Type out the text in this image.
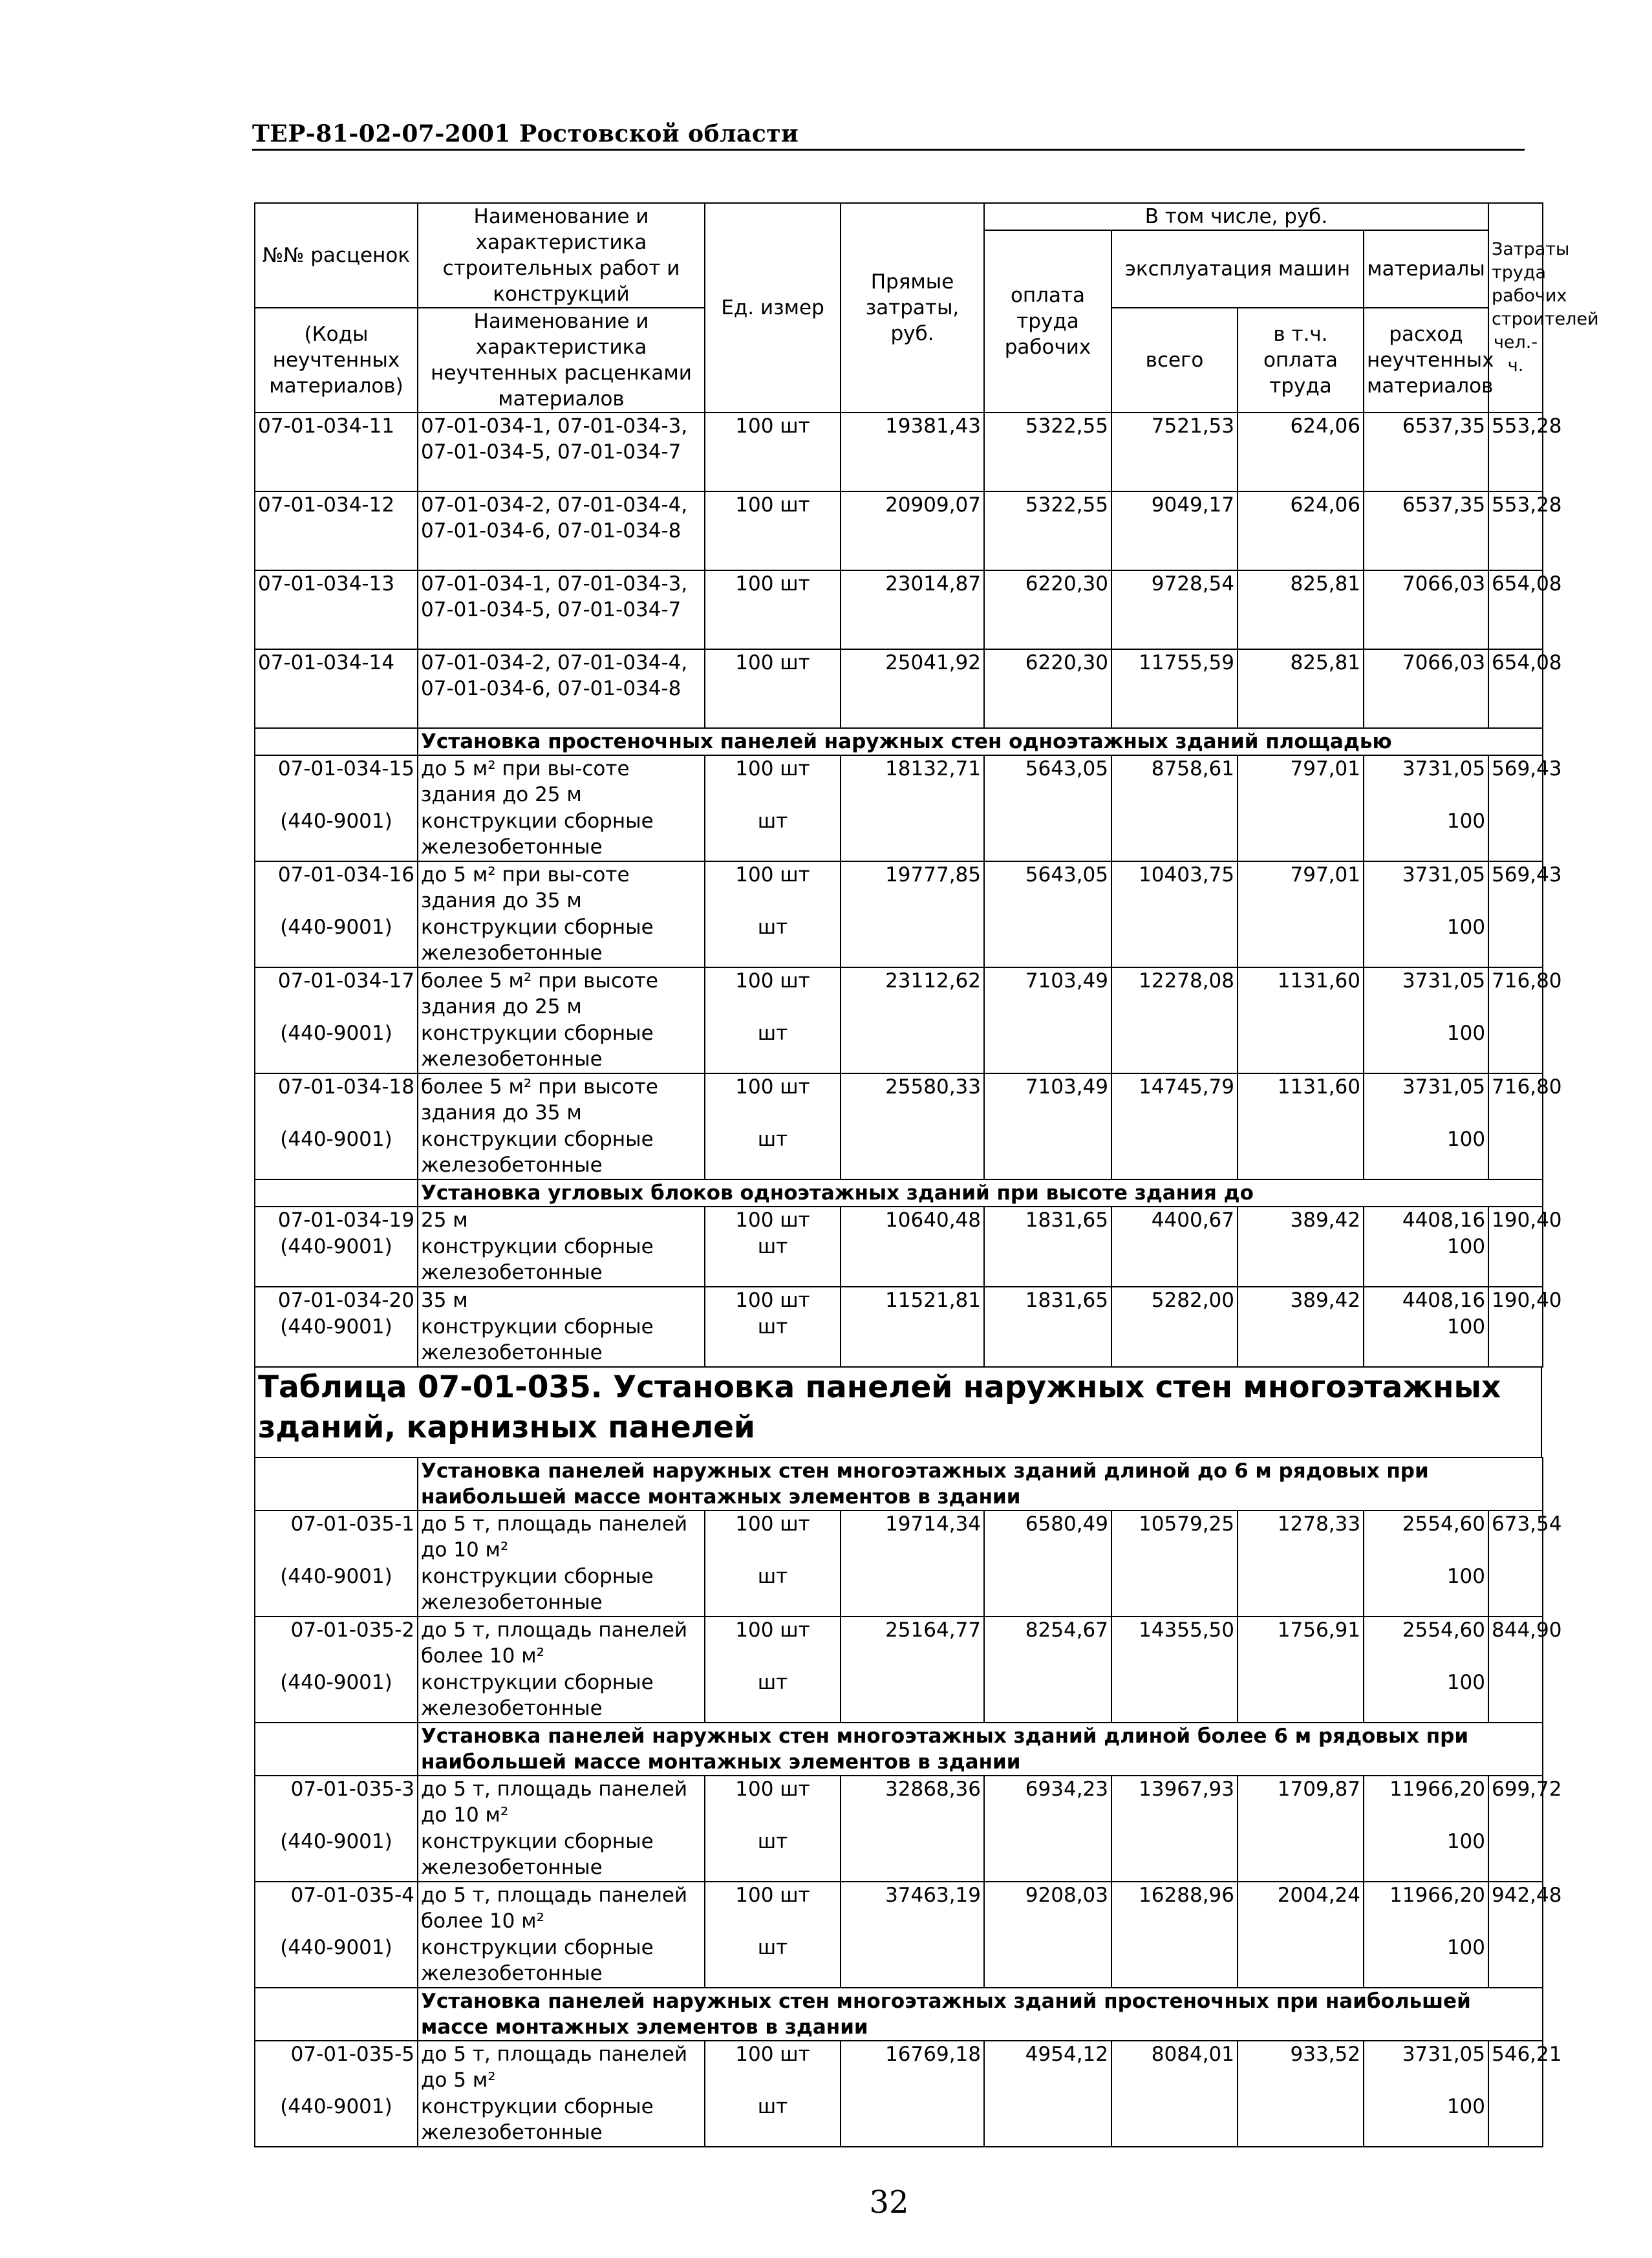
ТЕР-81-02-07-2001 Ростовской области
№№ расценок	Наименование и характеристика строительных работ и конструкций	Ед. измер	Прямые затраты, руб.	В том числе, руб.				Затраты труда рабочих строителей чел.-ч.
				оплата труда рабочих	эксплуатация машин		материалы	
(Коды неучтенных материалов)	Наименование и характеристика неучтенных расценками материалов				всего	в т.ч. оплата труда	расход неучтенных материалов	
07-01-034-11	07-01-034-1, 07-01-034-3, 07-01-034-5, 07-01-034-7	100 шт	19381,43	5322,55	7521,53	624,06	6537,35	553,28
07-01-034-12	07-01-034-2, 07-01-034-4, 07-01-034-6, 07-01-034-8	100 шт	20909,07	5322,55	9049,17	624,06	6537,35	553,28
07-01-034-13	07-01-034-1, 07-01-034-3, 07-01-034-5, 07-01-034-7	100 шт	23014,87	6220,30	9728,54	825,81	7066,03	654,08
07-01-034-14	07-01-034-2, 07-01-034-4, 07-01-034-6, 07-01-034-8	100 шт	25041,92	6220,30	11755,59	825,81	7066,03	654,08
	Установка простеночных панелей наружных стен одноэтажных зданий площадью							
07-01-034-15	до 5 м² при вы-соте здания до 25 м	100 шт	18132,71	5643,05	8758,61	797,01	3731,05	569,43
(440-9001)	конструкции сборные железобетонные	шт					100	
07-01-034-16	до 5 м² при вы-соте здания до 35 м	100 шт	19777,85	5643,05	10403,75	797,01	3731,05	569,43
(440-9001)	конструкции сборные железобетонные	шт					100	
07-01-034-17	более 5 м² при высоте здания до 25 м	100 шт	23112,62	7103,49	12278,08	1131,60	3731,05	716,80
(440-9001)	конструкции сборные железобетонные	шт					100	
07-01-034-18	более 5 м² при высоте здания до 35 м	100 шт	25580,33	7103,49	14745,79	1131,60	3731,05	716,80
(440-9001)	конструкции сборные железобетонные	шт					100	
	Установка угловых блоков одноэтажных зданий при высоте здания до							
07-01-034-19	25 м	100 шт	10640,48	1831,65	4400,67	389,42	4408,16	190,40
(440-9001)	конструкции сборные железобетонные	шт					100	
07-01-034-20	35 м	100 шт	11521,81	1831,65	5282,00	389,42	4408,16	190,40
(440-9001)	конструкции сборные железобетонные	шт					100	
Таблица 07-01-035. Установка панелей наружных стен многоэтажных зданий, карнизных панелей
	Установка панелей наружных стен многоэтажных зданий длиной до 6 м рядовых при наибольшей массе монтажных элементов в здании							
07-01-035-1	до 5 т, площадь панелей до 10 м²	100 шт	19714,34	6580,49	10579,25	1278,33	2554,60	673,54
(440-9001)	конструкции сборные железобетонные	шт					100	
07-01-035-2	до 5 т, площадь панелей более 10 м²	100 шт	25164,77	8254,67	14355,50	1756,91	2554,60	844,90
(440-9001)	конструкции сборные железобетонные	шт					100	
	Установка панелей наружных стен многоэтажных зданий длиной более 6 м рядовых при наибольшей массе монтажных элементов в здании							
07-01-035-3	до 5 т, площадь панелей до 10 м²	100 шт	32868,36	6934,23	13967,93	1709,87	11966,20	699,72
(440-9001)	конструкции сборные железобетонные	шт					100	
07-01-035-4	до 5 т, площадь панелей более 10 м²	100 шт	37463,19	9208,03	16288,96	2004,24	11966,20	942,48
(440-9001)	конструкции сборные железобетонные	шт					100	
	Установка панелей наружных стен многоэтажных зданий простеночных при наибольшей массе монтажных элементов в здании							
07-01-035-5	до 5 т, площадь панелей до 5 м²	100 шт	16769,18	4954,12	8084,01	933,52	3731,05	546,21
(440-9001)	конструкции сборные железобетонные	шт					100	
32
